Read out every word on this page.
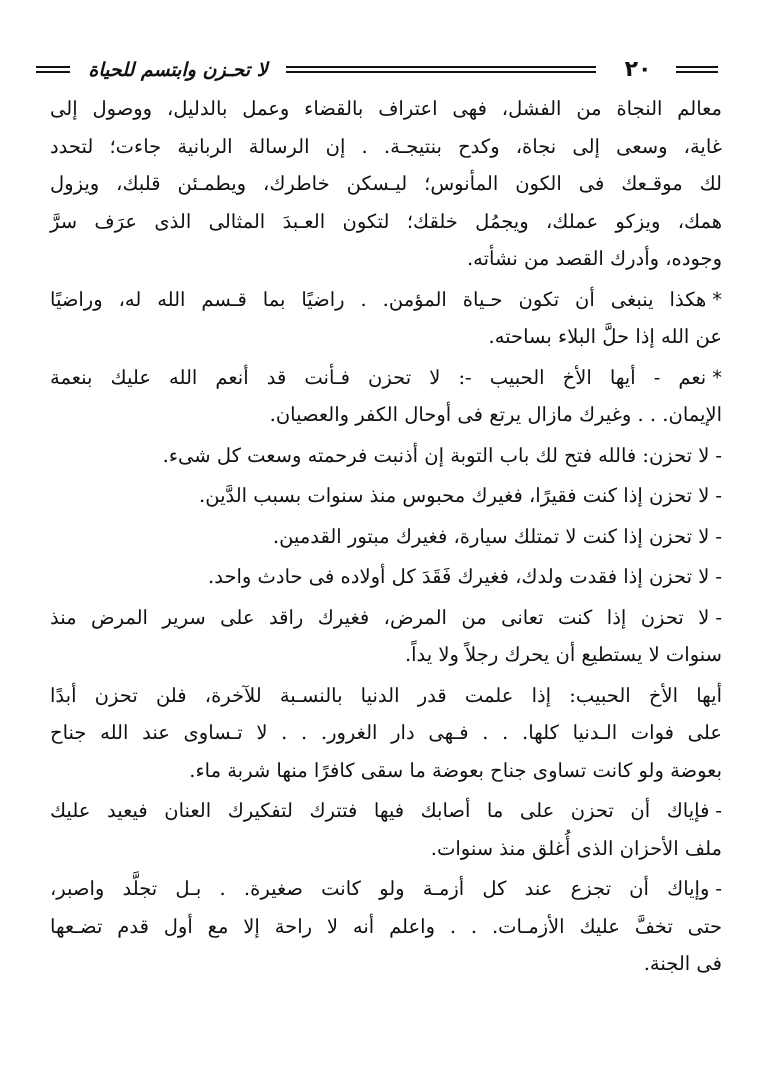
لا تحـزن وابتسم للحياة	٢٠
معالم النجاة من الفشل، فهى اعتراف بالقضاء وعمل بالدليل، ووصول إلى
غاية، وسعى إلى نجاة، وكدح بنتيجـة. . إن الرسالة الربانية جاءت؛ لتحدد
لك موقـعك فى الكون المأنوس؛ ليـسكن خاطرك، ويطمـئن قلبك، ويزول
همك، ويزكو عملك، ويجمُل خلقك؛ لتكون العـبدَ المثالى الذى عرَف سرَّ
وجوده، وأدرك القصد من نشأته.
*هكذا ينبغى أن تكون حـياة المؤمن. . راضيًا بما قـسم الله له، وراضيًا
عن الله إذا حلَّ البلاء بساحته.
*نعم - أيها الأخ الحبيب -: لا تحزن فـأنت قد أنعم الله عليك بنعمة
الإيمان. . . وغيرك مازال يرتع فى أوحال الكفر والعصيان.
-لا تحزن: فالله فتح لك باب التوبة إن أذنبت فرحمته وسعت كل شىء.
-لا تحزن إذا كنت فقيرًا، فغيرك محبوس منذ سنوات بسبب الدَّين.
-لا تحزن إذا كنت لا تمتلك سيارة، فغيرك مبتور القدمين.
-لا تحزن إذا فقدت ولدك، فغيرك فَقَدَ كل أولاده فى حادث واحد.
-لا تحزن إذا كنت تعانى من المرض، فغيرك راقد على سرير المرض منذ
سنوات لا يستطيع أن يحرك رجلاً ولا يداً.
أيها الأخ الحبيب: إذا علمت قدر الدنيا بالنسـبة للآخرة، فلن تحزن أبدًا
على فوات الـدنيا كلها. . . فـهى دار الغرور. . . لا تـساوى عند الله جناح
بعوضة ولو كانت تساوى جناح بعوضة ما سقى كافرًا منها شربة ماء.
-فإياك أن تحزن على ما أصابك فيها فتترك لتفكيرك العنان فيعيد عليك
ملف الأحزان الذى أُغلق منذ سنوات.
-وإياك أن تجزع عند كل أزمـة ولو كانت صغيرة. . بـل تجلَّد واصبر،
حتى تخفَّ عليك الأزمـات. . . واعلم أنه لا راحة إلا مع أول قدم تضـعها
فى الجنة.
